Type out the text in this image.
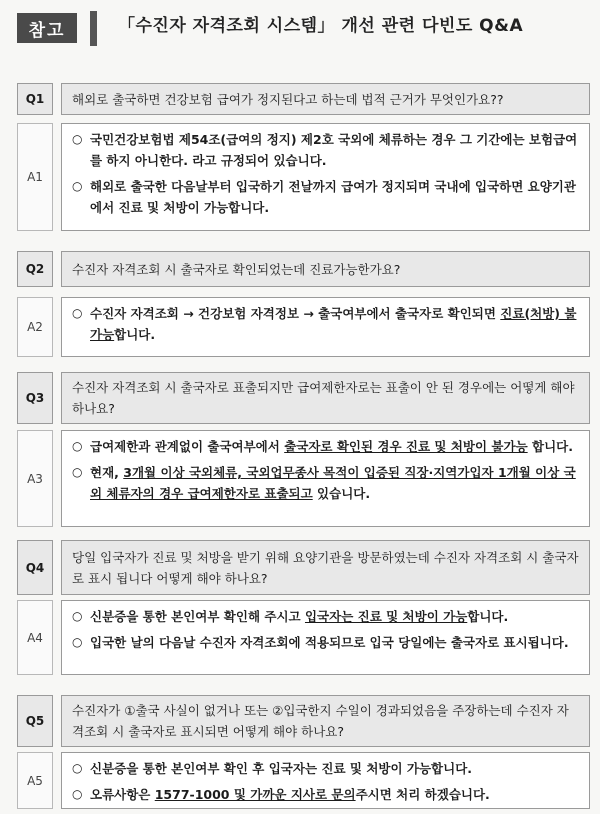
참고	「수진자 자격조회 시스템」 개선 관련 다빈도 Q&A
Q1	해외로 출국하면 건강보험 급여가 정지된다고 하는데 법적 근거가 무엇인가요??
A1
○ 국민건강보험법 제54조(급여의 정지) 제2호 국외에 체류하는 경우 그 기간에는 보험급여를 하지 아니한다. 라고 규정되어 있습니다.
○ 해외로 출국한 다음날부터 입국하기 전날까지 급여가 정지되며 국내에 입국하면 요양기관에서 진료 및 처방이 가능합니다.
Q2	수진자 자격조회 시 출국자로 확인되었는데 진료가능한가요?
A2
○ 수진자 자격조회 → 건강보험 자격정보 → 출국여부에서 출국자로 확인되면 진료(처방) 불가능합니다.
Q3
수진자 자격조회 시 출국자로 표출되지만 급여제한자로는 표출이 안 된 경우에는 어떻게 해야 하나요?
A3
○ 급여제한과 관계없이 출국여부에서 출국자로 확인된 경우 진료 및 처방이 불가능 합니다.
○ 현재, 3개월 이상 국외체류, 국외업무종사 목적이 입증된 직장·지역가입자 1개월 이상 국외 체류자의 경우 급여제한자로 표출되고 있습니다.
Q4
당일 입국자가 진료 및 처방을 받기 위해 요양기관을 방문하였는데 수진자 자격조회 시 출국자로 표시 됩니다 어떻게 해야 하나요?
A4
○ 신분증을 통한 본인여부 확인해 주시고 입국자는 진료 및 처방이 가능합니다.
○ 입국한 날의 다음날 수진자 자격조회에 적용되므로 입국 당일에는 출국자로 표시됩니다.
Q5
수진자가 ①출국 사실이 없거나 또는 ②입국한지 수일이 경과되었음을 주장하는데 수진자 자격조회 시 출국자로 표시되면 어떻게 해야 하나요?
A5
○ 신분증을 통한 본인여부 확인 후 입국자는 진료 및 처방이 가능합니다.
○ 오류사항은 1577-1000 및 가까운 지사로 문의주시면 처리 하겠습니다.
